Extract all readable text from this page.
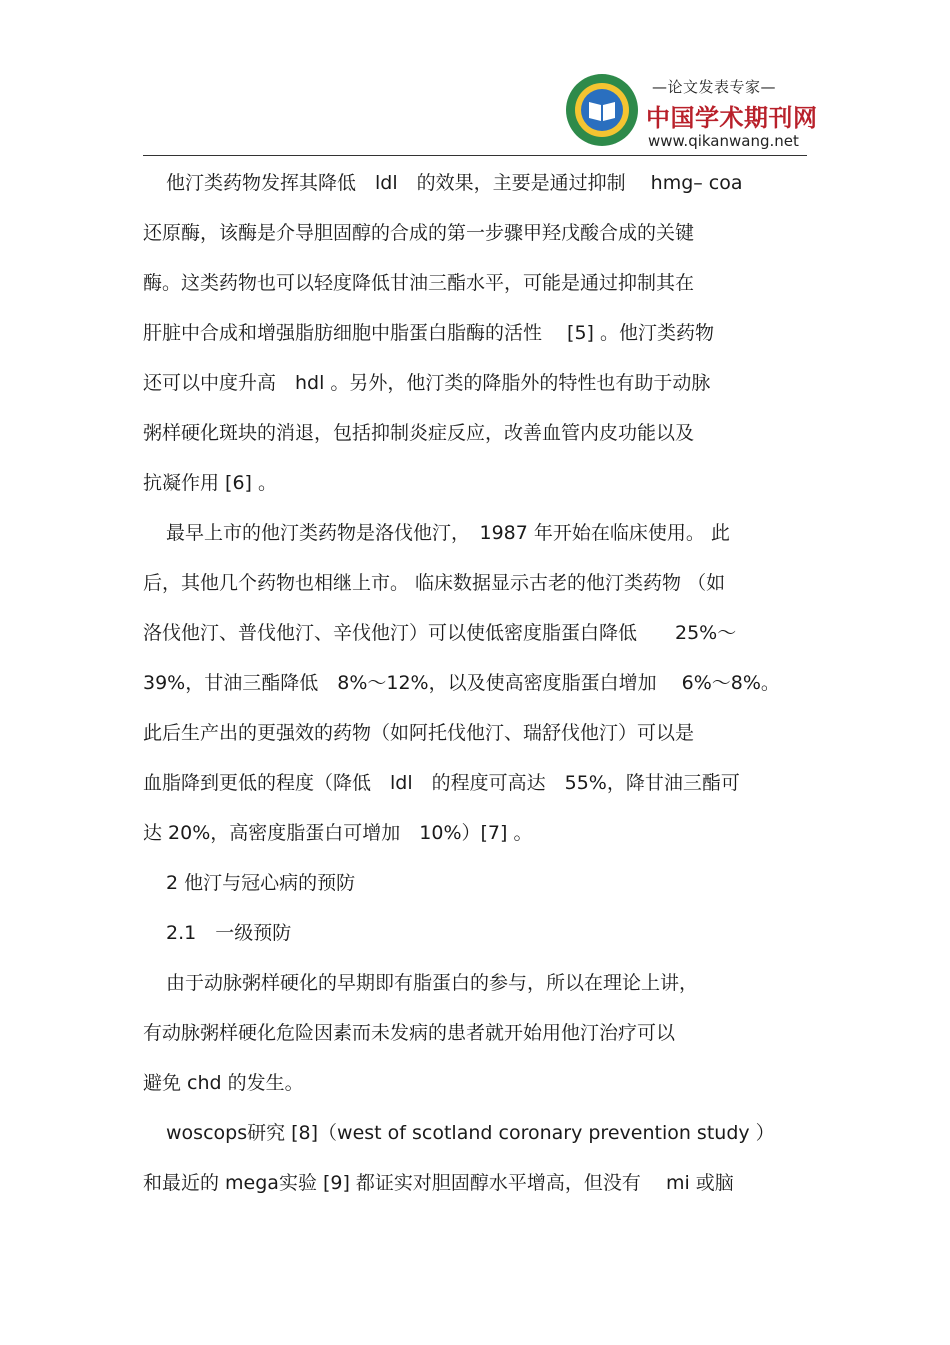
—论文发表专家—
中国学术期刊网
www.qikanwang.net
他汀类药物发挥其降低　ldl　的效果，主要是通过抑制　 hmg– coa
还原酶，该酶是介导胆固醇的合成的第一步骤甲羟戊酸合成的关键
酶。这类药物也可以轻度降低甘油三酯水平，可能是通过抑制其在
肝脏中合成和增强脂肪细胞中脂蛋白脂酶的活性　 [5] 。他汀类药物
还可以中度升高　hdl 。另外，他汀类的降脂外的特性也有助于动脉
粥样硬化斑块的消退，包括抑制炎症反应，改善血管内皮功能以及
抗凝作用 [6] 。
最早上市的他汀类药物是洛伐他汀，　1987 年开始在临床使用。 此
后，其他几个药物也相继上市。 临床数据显示古老的他汀类药物 （如
洛伐他汀、普伐他汀、辛伐他汀）可以使低密度脂蛋白降低　　25%～
39%，甘油三酯降低　8%～12%，以及使高密度脂蛋白增加　 6%～8%。
此后生产出的更强效的药物（如阿托伐他汀、瑞舒伐他汀）可以是
血脂降到更低的程度（降低　ldl　的程度可高达　55%，降甘油三酯可
达 20%，高密度脂蛋白可增加　10%）[7] 。
2 他汀与冠心病的预防
2.1　一级预防
由于动脉粥样硬化的早期即有脂蛋白的参与，所以在理论上讲，
有动脉粥样硬化危险因素而未发病的患者就开始用他汀治疗可以
避免 chd 的发生。
woscops研究 [8]（west of scotland coronary prevention study ）
和最近的 mega实验 [9] 都证实对胆固醇水平增高，但没有　 mi 或脑
